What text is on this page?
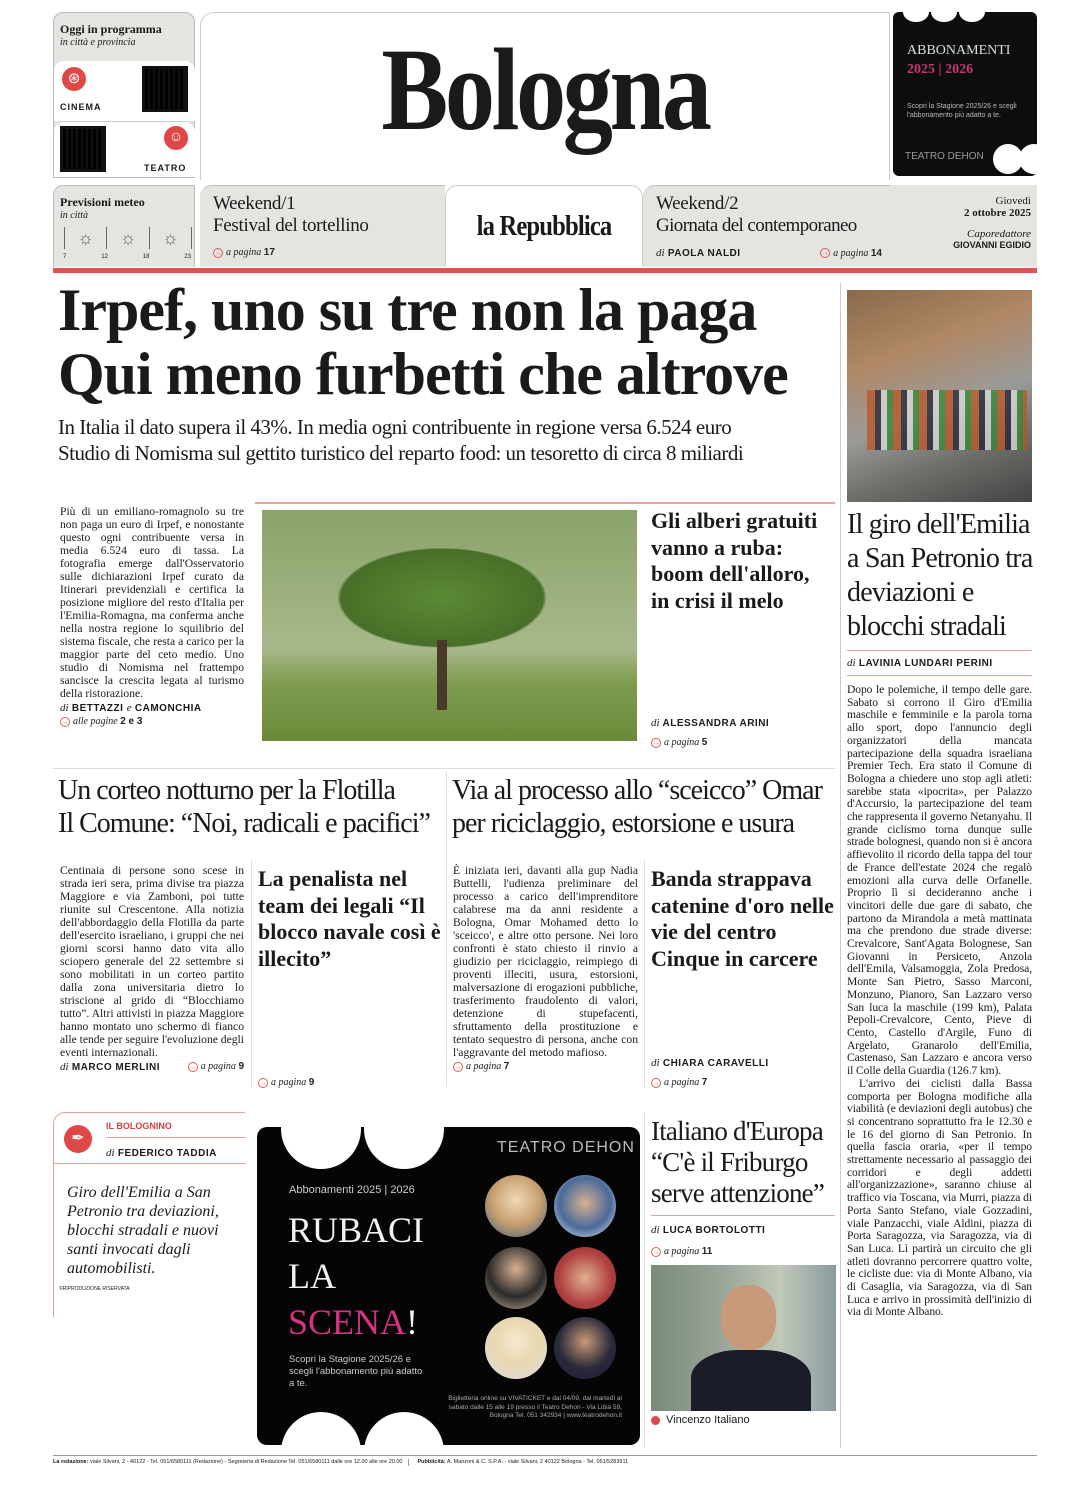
Oggi in programma
in città e provincia
⊛
CINEMA
☺
TEATRO
Bologna	ABBONAMENTI
2025 | 2026
Scopri la Stagione 2025/26 e scegli l'abbonamento più adatto a te.
TEATRO DEHON
Previsioni meteo
in città
☼ ☼ ☼
7	12	18	23
Weekend/1
Festival del tortellino
→ a pagina 17
la Repubblica
Weekend/2
Giornata del contemporaneo
di PAOLA NALDI	→ a pagina 14
Giovedì
2 ottobre 2025
Caporedattore
GIOVANNI EGIDIO
Irpef, uno su tre non la paga
Qui meno furbetti che altrove
In Italia il dato supera il 43%. In media ogni contribuente in regione versa 6.524 euro
Studio di Nomisma sul gettito turistico del reparto food: un tesoretto di circa 8 miliardi
Più di un emiliano-romagnolo su tre non paga un euro di Irpef, e nonostante questo ogni contribuente versa in media 6.524 euro di tassa. La fotografia emerge dall'Osservatorio sulle dichiarazioni Irpef curato da Itinerari previdenziali e certifica la posizione migliore del resto d'Italia per l'Emilia-Romagna, ma conferma anche nella nostra regione lo squilibrio del sistema fiscale, che resta a carico per la maggior parte del ceto medio. Uno studio di Nomisma nel frattempo sancisce la crescita legata al turismo della ristorazione.
di BETTAZZI e CAMONCHIA
→ alle pagine 2 e 3
Gli alberi gratuiti vanno a ruba: boom dell'alloro, in crisi il melo
di ALESSANDRA ARINI
→ a pagina 5
Il giro dell'Emilia a San Petronio tra deviazioni e blocchi stradali
di LAVINIA LUNDARI PERINI

Dopo le polemiche, il tempo delle gare. Sabato si corrono il Giro d'Emilia maschile e femminile e la parola torna allo sport, dopo l'annuncio degli organizzatori della mancata partecipazione della squadra israeliana Premier Tech. Era stato il Comune di Bologna a chiedere uno stop agli atleti: sarebbe stata «ipocrita», per Palazzo d'Accursio, la partecipazione del team che rappresenta il governo Netanyahu. Il grande ciclismo torna dunque sulle strade bolognesi, quando non si è ancora affievolito il ricordo della tappa del tour de France dell'estate 2024 che regalò emozioni alla curva delle Orfanelle. Proprio lì si decideranno anche i vincitori delle due gare di sabato, che partono da Mirandola a metà mattinata ma che prendono due strade diverse: Crevalcore, Sant'Agata Bolognese, San Giovanni in Persiceto, Anzola dell'Emila, Valsamoggia, Zola Predosa, Monte San Pietro, Sasso Marconi, Monzuno, Pianoro, San Lazzaro verso San luca la maschile (199 km), Palata Pepoli-Crevalcore, Cento, Pieve di Cento, Castello d'Argile, Funo di Argelato, Granarolo dell'Emilia, Castenaso, San Lazzaro e ancora verso il Colle della Guardia (126.7 km).

L'arrivo dei ciclisti dalla Bassa comporta per Bologna modifiche alla viabilità (e deviazioni degli autobus) che si concentrano soprattutto fra le 12.30 e le 16 del giorno di San Petronio. In quella fascia oraria, «per il tempo strettamente necessario al passaggio dei corridori e degli addetti all'organizzazione», saranno chiuse al traffico via Toscana, via Murri, piazza di Porta Santo Stefano, viale Gozzadini, viale Panzacchi, viale Aldini, piazza di Porta Saragozza, via Saragozza, via di San Luca. Lì partirà un circuito che gli atleti dovranno percorrere quattro volte, le cicliste due: via di Monte Albano, via di Casaglia, via Saragozza, via di San Luca e arrivo in prossimità dell'inizio di via di Monte Albano.

Un corteo notturno per la Flotilla
Il Comune: “Noi, radicali e pacifici”
Via al processo allo “sceicco” Omar
per riciclaggio, estorsione e usura
Centinaia di persone sono scese in strada ieri sera, prima divise tra piazza Maggiore e via Zamboni, poi tutte riunite sul Crescentone. Alla notizia dell'abbordaggio della Flotilla da parte dell'esercito israeliano, i gruppi che nei giorni scorsi hanno dato vita allo sciopero generale del 22 settembre si sono mobilitati in un corteo partito dalla zona universitaria dietro lo striscione al grido di “Blocchiamo tutto”. Altri attivisti in piazza Maggiore hanno montato uno schermo di fianco alle tende per seguire l'evoluzione degli eventi internazionali.
di MARCO MERLINI	→ a pagina 9
La penalista nel team dei legali “Il blocco navale così è illecito”
→ a pagina 9
È iniziata ieri, davanti alla gup Nadia Buttelli, l'udienza preliminare del processo a carico dell'imprenditore calabrese ma da anni residente a Bologna, Omar Mohamed detto lo 'sceicco', e altre otto persone. Nei loro confronti è stato chiesto il rinvio a giudizio per riciclaggio, reimpiego di proventi illeciti, usura, estorsioni, malversazione di erogazioni pubbliche, trasferimento fraudolento di valori, detenzione di stupefacenti, sfruttamento della prostituzione e tentato sequestro di persona, anche con l'aggravante del metodo mafioso.
→ a pagina 7
Banda strappava catenine d'oro nelle vie del centro Cinque in carcere
di CHIARA CARAVELLI
→ a pagina 7
✒
IL BOLOGNINO
di FEDERICO TADDIA
Giro dell'Emilia a San Petronio tra deviazioni, blocchi stradali e nuovi santi invocati dagli automobilisti.
©RIPRODUZIONE RISERVATA
TEATRO DEHON
Abbonamenti 2025 | 2026
RUBACI
LA
SCENA!
Scopri la Stagione 2025/26 e scegli l'abbonamento più adatto a te.
Biglietteria online su VIVATICKET e dal 04/09, dal martedì al sabato dalle 15 alle 19 presso il Teatro Dehon - Via Libia 59, Bologna Tel. 051 342934 | www.teatrodehon.it
Italiano d'Europa “C'è il Friburgo serve attenzione”
di LUCA BORTOLOTTI
→ a pagina 11
Vincenzo Italiano
La redazione: viale Silvani, 2 - 40122 - Tel. 051/6580111 (Redazione) - Segreteria di Redazione Tel. 051/6580111 dalle ore 12.00 alle ore 20.00	Pubblicità: A. Manzoni & C. S.P.A. - viale Silvani, 2 40122 Bologna - Tel. 051/5283911
